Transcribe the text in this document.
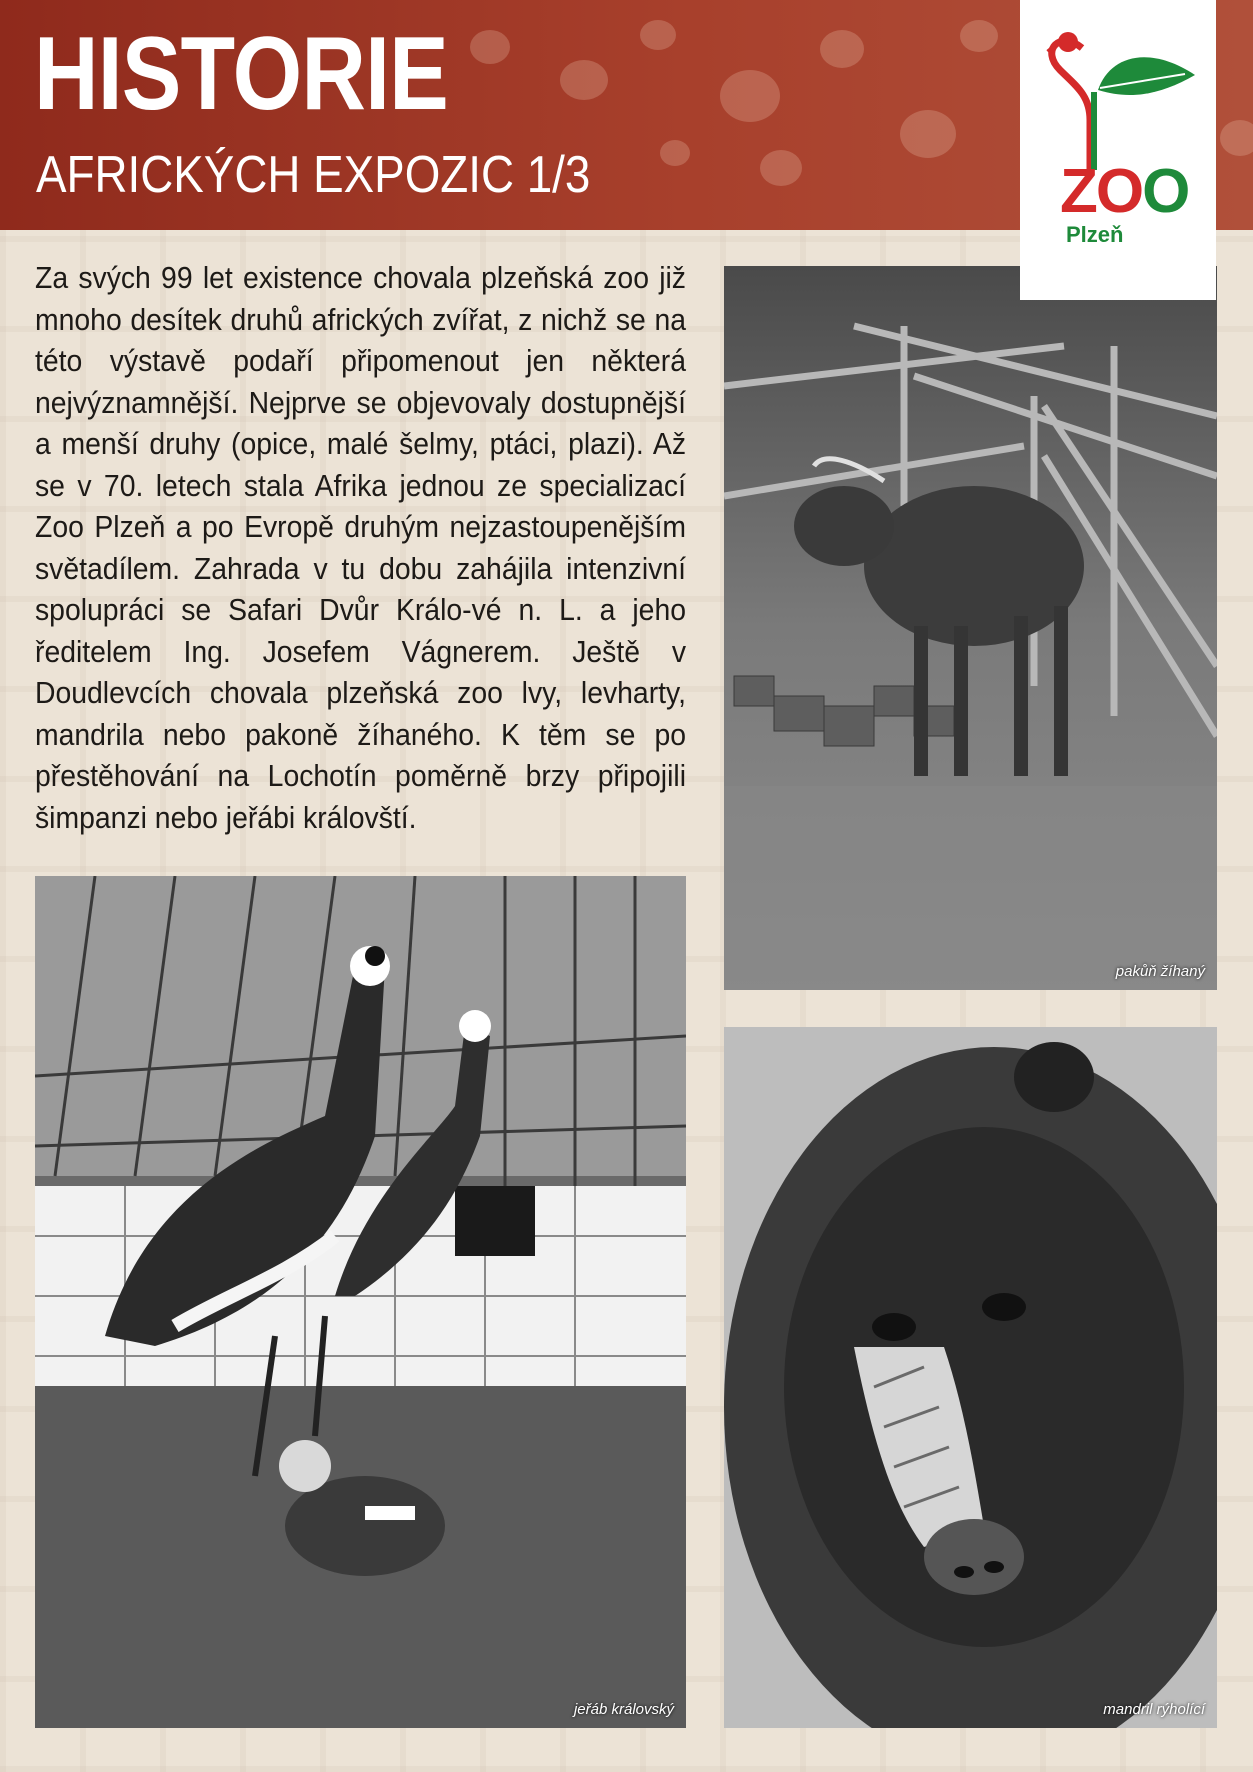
HISTORIE
AFRICKÝCH EXPOZIC 1/3	ZOO
Plzeň
Za svých 99 let existence chovala plzeňská zoo již mnoho desítek druhů afrických zvířat, z nichž se na této výstavě podaří připomenout jen některá nejvýznamnější. Nejprve se objevovaly dostupnější a menší druhy (opice, malé šelmy, ptáci, plazi). Až se v 70. letech stala Afrika jednou ze specializací Zoo Plzeň a po Evropě druhým nejzastoupenějším světadílem. Zahrada v tu dobu zahájila intenzivní spolupráci se Safari Dvůr Králo-vé n. L. a jeho ředitelem Ing. Josefem Vágnerem. Ještě v Doudlevcích chovala plzeňská zoo lvy, levharty, mandrila nebo pakoně žíhaného. K těm se po přestěhování na Lochotín poměrně brzy připojili šimpanzi nebo jeřábi královští.
pakůň žíhaný
jeřáb královský	mandril rýholící
